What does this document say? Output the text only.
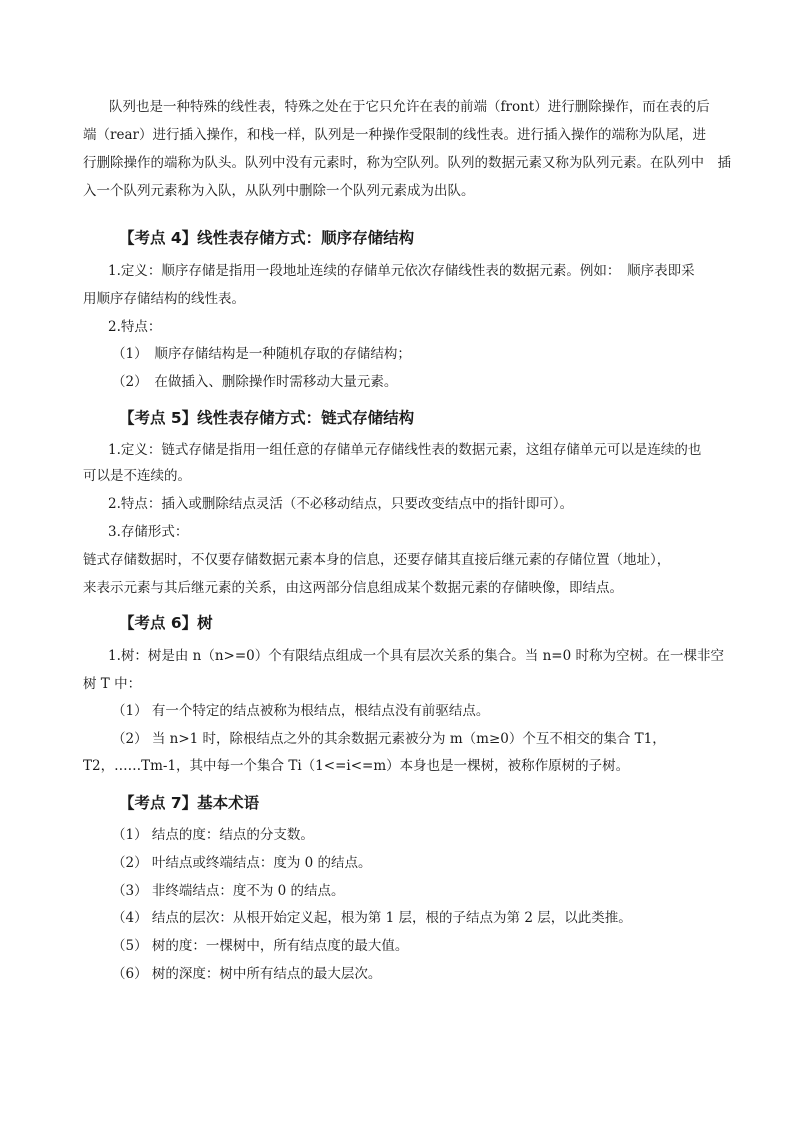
队列也是一种特殊的线性表，特殊之处在于它只允许在表的前端（front）进行删除操作，而在表的后

端（rear）进行插入操作，和栈一样，队列是一种操作受限制的线性表。进行插入操作的端称为队尾，进

行删除操作的端称为队头。队列中没有元素时，称为空队列。队列的数据元素又称为队列元素。在队列中　插

入一个队列元素称为入队，从队列中删除一个队列元素成为出队。

【考点 4】线性表存储方式：顺序存储结构

1.定义：顺序存储是指用一段地址连续的存储单元依次存储线性表的数据元素。例如：　顺序表即采

用顺序存储结构的线性表。

2.特点：

（1）　顺序存储结构是一种随机存取的存储结构；

（2）　在做插入、删除操作时需移动大量元素。

【考点 5】线性表存储方式：链式存储结构

1.定义：链式存储是指用一组任意的存储单元存储线性表的数据元素，这组存储单元可以是连续的也

可以是不连续的。

2.特点：插入或删除结点灵活（不必移动结点，只要改变结点中的指针即可）。

3.存储形式：

链式存储数据时，不仅要存储数据元素本身的信息，还要存储其直接后继元素的存储位置（地址），

来表示元素与其后继元素的关系，由这两部分信息组成某个数据元素的存储映像，即结点。

【考点 6】树

1.树：树是由 n（n>=0）个有限结点组成一个具有层次关系的集合。当 n=0 时称为空树。在一棵非空

树 T 中：

（1） 有一个特定的结点被称为根结点，根结点没有前驱结点。

（2） 当 n>1 时，除根结点之外的其余数据元素被分为 m（m≥0）个互不相交的集合 T1，

T2，……Tm-1，其中每一个集合 Ti（1<=i<=m）本身也是一棵树，被称作原树的子树。

【考点 7】基本术语

（1） 结点的度：结点的分支数。

（2） 叶结点或终端结点：度为 0 的结点。

（3） 非终端结点：度不为 0 的结点。

（4） 结点的层次：从根开始定义起，根为第 1 层，根的子结点为第 2 层，以此类推。

（5） 树的度：一棵树中，所有结点度的最大值。

（6） 树的深度：树中所有结点的最大层次。
